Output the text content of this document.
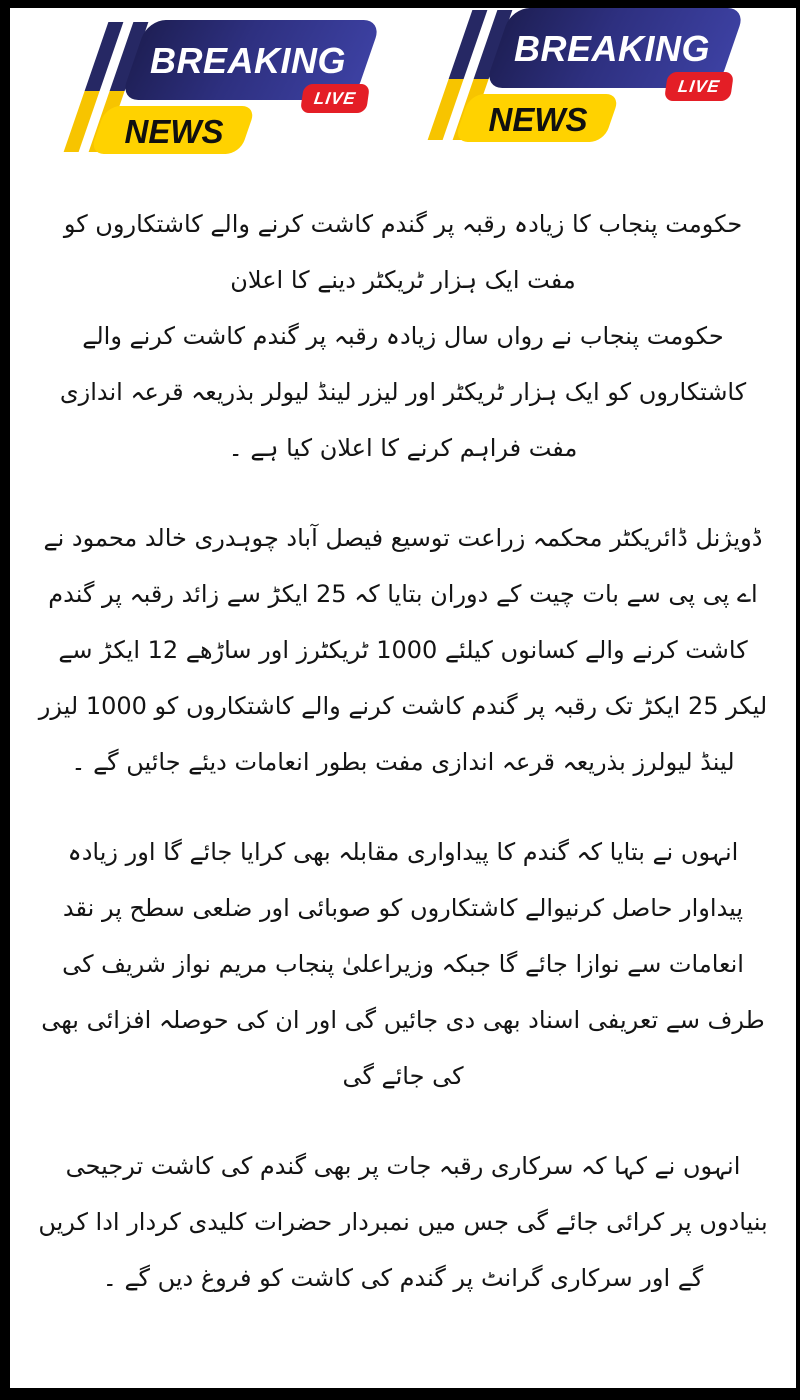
BREAKING
NEWS
LIVE
BREAKING
NEWS
LIVE

حکومت پنجاب کا زیادہ رقبہ پر گندم کاشت کرنے والے کاشتکاروں کو مفت ایک ہزار ٹریکٹر دینے کا اعلان

حکومت پنجاب نے رواں سال زیادہ رقبہ پر گندم کاشت کرنے والے کاشتکاروں کو ایک ہزار ٹریکٹر اور لیزر لینڈ لیولر بذریعہ قرعہ اندازی مفت فراہم کرنے کا اعلان کیا ہے ۔

ڈویژنل ڈائریکٹر محکمہ زراعت توسیع فیصل آباد چوہدری خالد محمود نے اے پی پی سے بات چیت کے دوران بتایا کہ 25 ایکڑ سے زائد رقبہ پر گندم کاشت کرنے والے کسانوں کیلئے 1000 ٹریکٹرز اور ساڑھے 12 ایکڑ سے لیکر 25 ایکڑ تک رقبہ پر گندم کاشت کرنے والے کاشتکاروں کو 1000 لیزر لینڈ لیولرز بذریعہ قرعہ اندازی مفت بطور انعامات دیئے جائیں گے ۔

انہوں نے بتایا کہ گندم کا پیداواری مقابلہ بھی کرایا جائے گا اور زیادہ پیداوار حاصل کرنیوالے کاشتکاروں کو صوبائی اور ضلعی سطح پر نقد انعامات سے نوازا جائے گا جبکہ وزیراعلیٰ پنجاب مریم نواز شریف کی طرف سے تعریفی اسناد بھی دی جائیں گی اور ان کی حوصلہ افزائی بھی کی جائے گی

انہوں نے کہا کہ سرکاری رقبہ جات پر بھی گندم کی کاشت ترجیحی بنیادوں پر کرائی جائے گی جس میں نمبردار حضرات کلیدی کردار ادا کریں گے اور سرکاری گرانٹ پر گندم کی کاشت کو فروغ دیں گے ۔
